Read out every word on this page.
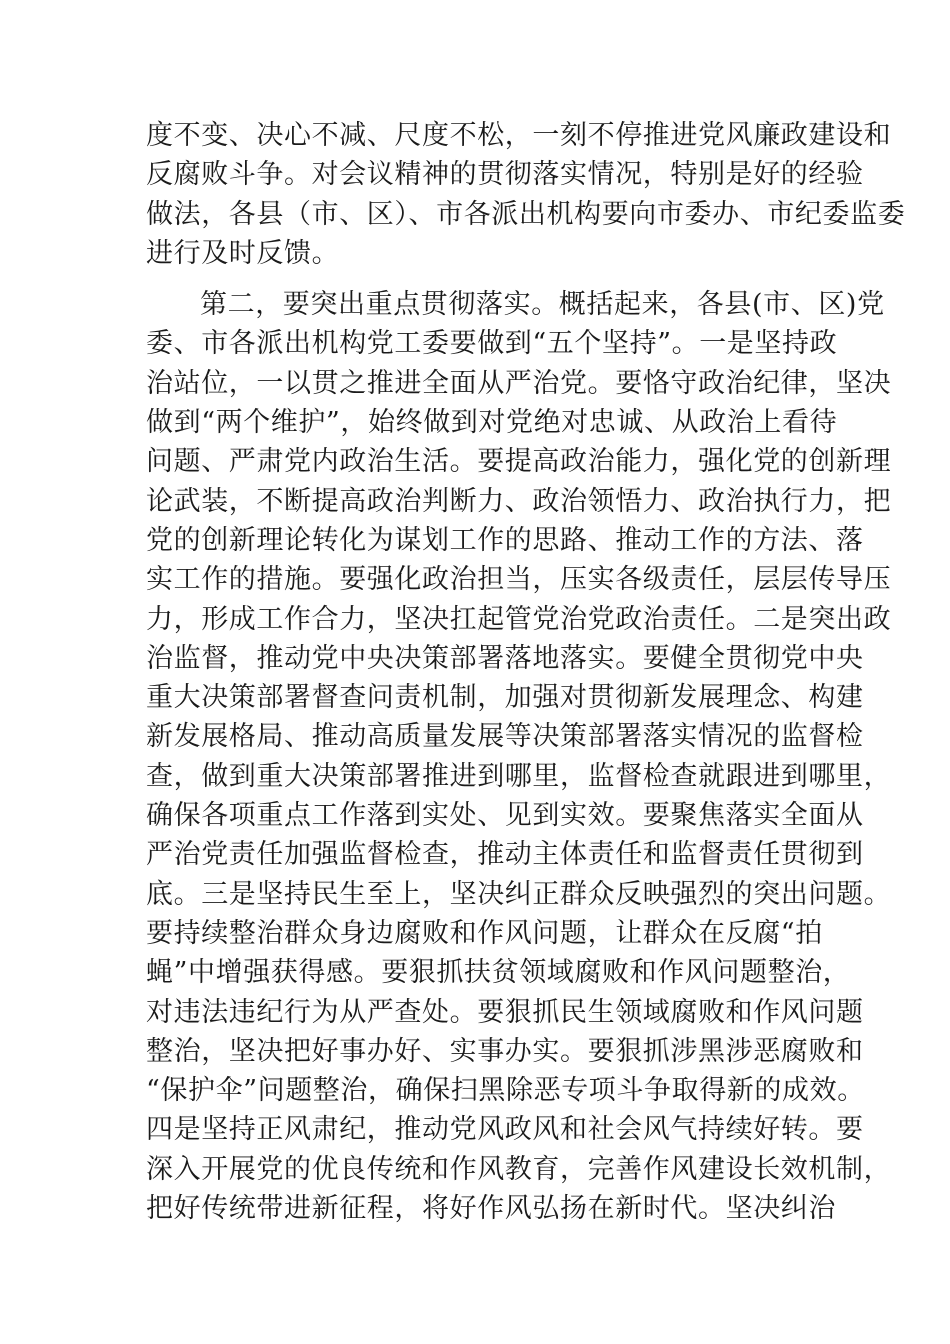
度不变、决心不减、尺度不松，一刻不停推进党风廉政建设和
反腐败斗争。对会议精神的贯彻落实情况，特别是好的经验
做法，各县（市、区）、市各派出机构要向市委办、市纪委监委
进行及时反馈。
第二，要突出重点贯彻落实。概括起来，各县(市、区)党
委、市各派出机构党工委要做到“五个坚持”。一是坚持政
治站位，一以贯之推进全面从严治党。要恪守政治纪律，坚决
做到“两个维护”，始终做到对党绝对忠诚、从政治上看待
问题、严肃党内政治生活。要提高政治能力，强化党的创新理
论武装，不断提高政治判断力、政治领悟力、政治执行力，把
党的创新理论转化为谋划工作的思路、推动工作的方法、落
实工作的措施。要强化政治担当，压实各级责任，层层传导压
力，形成工作合力，坚决扛起管党治党政治责任。二是突出政
治监督，推动党中央决策部署落地落实。要健全贯彻党中央
重大决策部署督查问责机制，加强对贯彻新发展理念、构建
新发展格局、推动高质量发展等决策部署落实情况的监督检
查，做到重大决策部署推进到哪里，监督检查就跟进到哪里，
确保各项重点工作落到实处、见到实效。要聚焦落实全面从
严治党责任加强监督检查，推动主体责任和监督责任贯彻到
底。三是坚持民生至上，坚决纠正群众反映强烈的突出问题。
要持续整治群众身边腐败和作风问题，让群众在反腐“拍
蝇”中增强获得感。要狠抓扶贫领域腐败和作风问题整治，
对违法违纪行为从严查处。要狠抓民生领域腐败和作风问题
整治，坚决把好事办好、实事办实。要狠抓涉黑涉恶腐败和
“保护伞”问题整治，确保扫黑除恶专项斗争取得新的成效。
四是坚持正风肃纪，推动党风政风和社会风气持续好转。要
深入开展党的优良传统和作风教育，完善作风建设长效机制，
把好传统带进新征程，将好作风弘扬在新时代。坚决纠治
